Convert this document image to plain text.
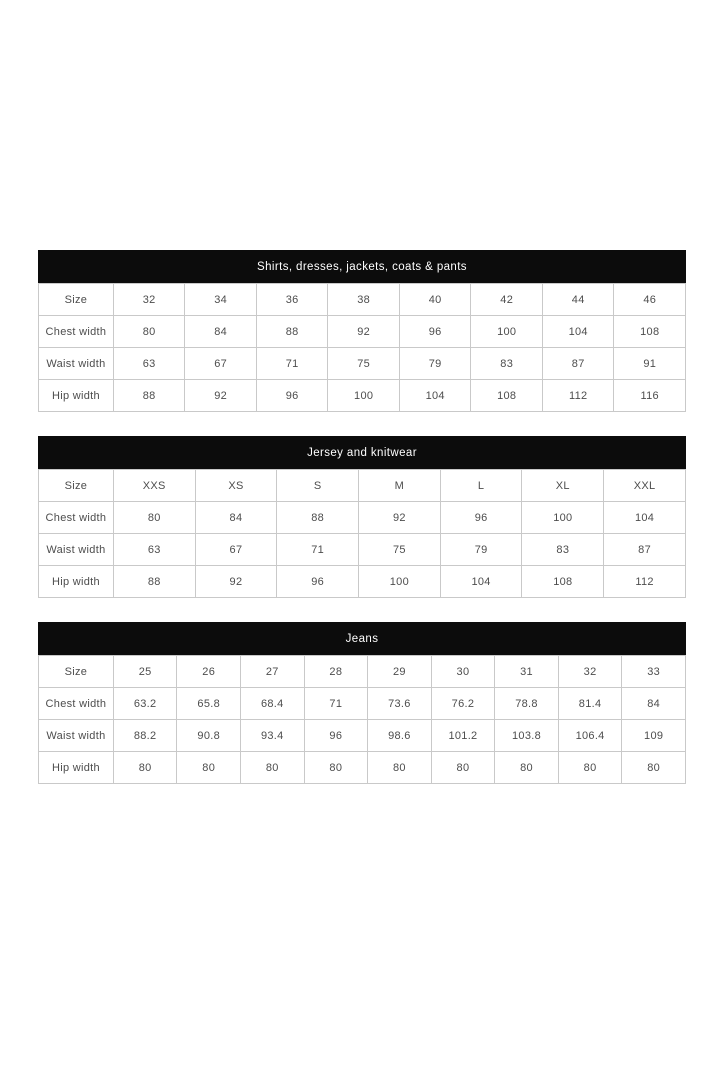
Shirts, dresses, jackets, coats & pants
Size	32	34	36	38	40	42	44	46
Chest width	80	84	88	92	96	100	104	108
Waist width	63	67	71	75	79	83	87	91
Hip width	88	92	96	100	104	108	112	116
Jersey and knitwear
Size	XXS	XS	S	M	L	XL	XXL
Chest width	80	84	88	92	96	100	104
Waist width	63	67	71	75	79	83	87
Hip width	88	92	96	100	104	108	112
Jeans
Size	25	26	27	28	29	30	31	32	33
Chest width	63.2	65.8	68.4	71	73.6	76.2	78.8	81.4	84
Waist width	88.2	90.8	93.4	96	98.6	101.2	103.8	106.4	109
Hip width	80	80	80	80	80	80	80	80	80
